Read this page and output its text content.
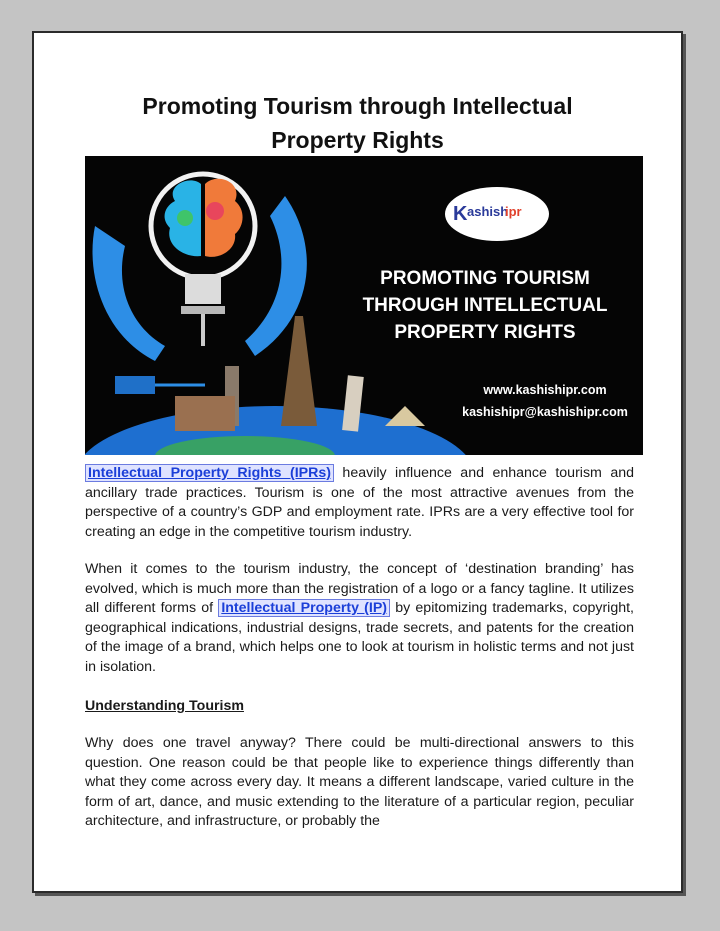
Promoting Tourism through Intellectual
Property Rights
K ashish
ipr
PROMOTING TOURISM
THROUGH INTELLECTUAL
PROPERTY RIGHTS
www.kashishipr.com
kashishipr@kashishipr.com
Intellectual Property Rights (IPRs) heavily influence and enhance tourism and ancillary trade practices. Tourism is one of the most attractive avenues from the perspective of a country’s GDP and employment rate. IPRs are a very effective tool for creating an edge in the competitive tourism industry.
When it comes to the tourism industry, the concept of ‘destination branding’ has evolved, which is much more than the registration of a logo or a fancy tagline. It utilizes all different forms of Intellectual Property (IP) by epitomizing trademarks, copyright, geographical indications, industrial designs, trade secrets, and patents for the creation of the image of a brand, which helps one to look at tourism in holistic terms and not just in isolation.
Understanding Tourism
Why does one travel anyway? There could be multi-directional answers to this question. One reason could be that people like to experience things differently than what they come across every day. It means a different landscape, varied culture in the form of art, dance, and music extending to the literature of a particular region, peculiar architecture, and infrastructure, or probably the
